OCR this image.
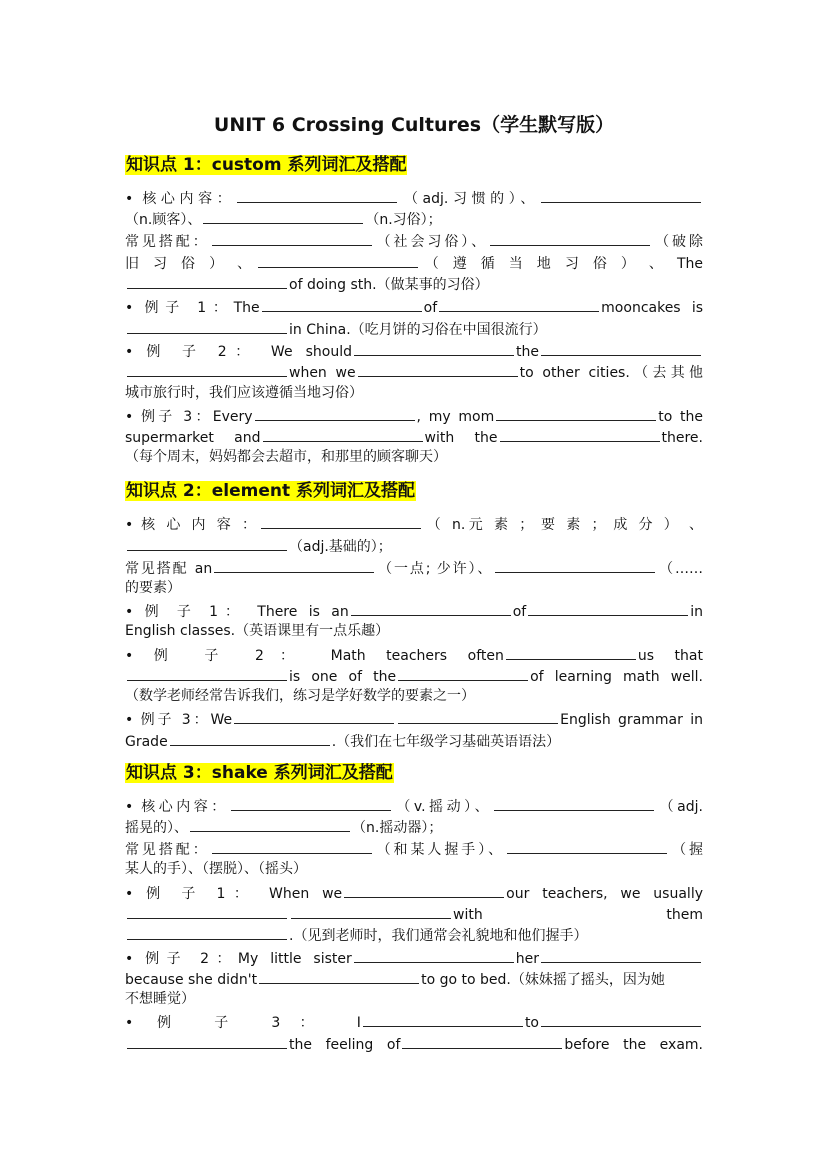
UNIT 6 Crossing Cultures（学生默写版）
知识点 1：custom 系列词汇及搭配
• 核心内容：	（adj.习惯的）、
（n.顾客）、	（n.习俗）；
常见搭配：	（社会习俗）、	（破除
旧 习 俗 ） 、	（ 遵 循 当 地 习 俗 ） 、 The
of doing sth.（做某事的习俗）
• 例子 1：The	of	mooncakes is
in China.（吃月饼的习俗在中国很流行）
• 例 子 2： We should	the
when we	to other cities.（去其他
城市旅行时，我们应该遵循当地习俗）
• 例子 3：Every	, my mom	to the
supermarket and	with the	there.
（每个周末，妈妈都会去超市，和那里的顾客聊天）
知识点 2：element 系列词汇及搭配
• 核 心 内 容 ：	（ n.元 素 ； 要 素 ； 成 分 ） 、
（adj.基础的）；
常见搭配 an	（一点; 少许）、	（……
的要素）
• 例 子 1： There is an	of	in
English classes.（英语课里有一点乐趣）
• 例 子 2： Math teachers often	us that
is one of the	of learning math well.
（数学老师经常告诉我们，练习是学好数学的要素之一）
• 例子 3：We	English grammar in
Grade	.（我们在七年级学习基础英语语法）
知识点 3：shake 系列词汇及搭配
• 核心内容：	（v.摇动）、	（adj.
摇晃的）、	（n.摇动器）；
常见搭配：	（和某人握手）、	（握
某人的手）、（摆脱）、（摇头）
• 例 子 1： When we	our teachers, we usually
with them
.（见到老师时，我们通常会礼貌地和他们握手）
• 例子 2：My little sister	her
because she didn't	to go to bed.（妹妹摇了摇头，因为她
不想睡觉）
• 例 子 3： I	to
the feeling of	before the exam.
